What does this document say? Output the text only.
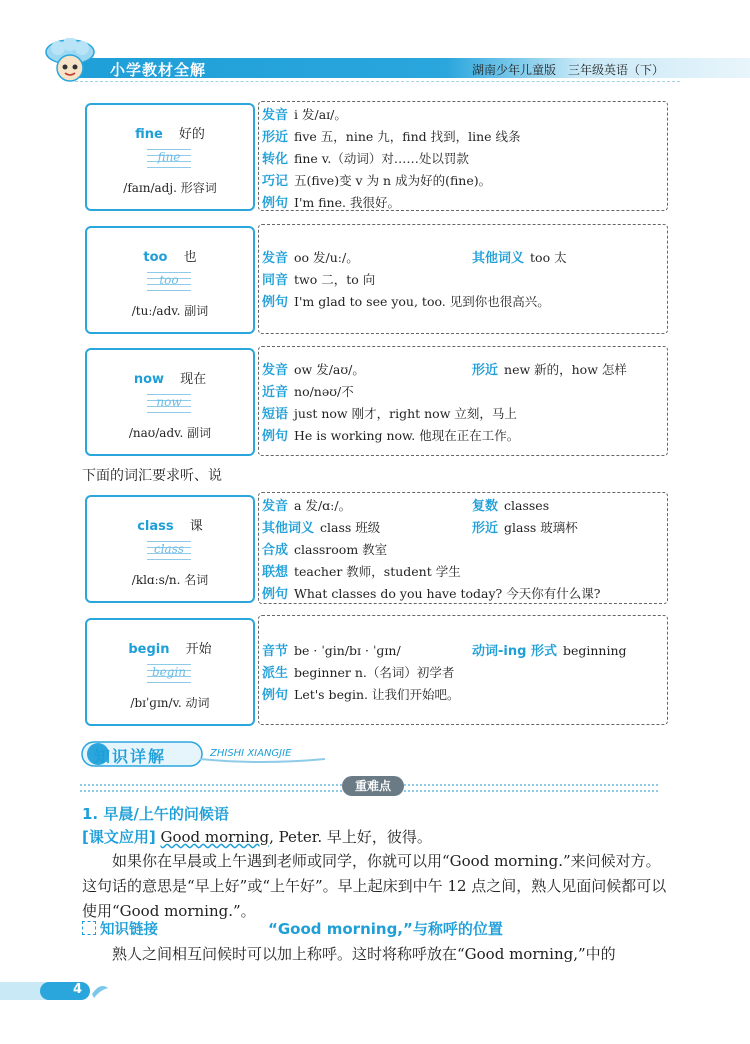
小学教材全解	湖南少年儿童版　三年级英语（下）
fine 好的
fine
/faɪn/adj. 形容词
发音 i 发/aɪ/。
形近 five 五，nine 九，find 找到，line 线条
转化 fine v.（动词）对……处以罚款
巧记 五(five)变 v 为 n 成为好的(fine)。
例句 I'm fine. 我很好。
too 也
too
/tuː/adv. 副词
发音 oo 发/uː/。	其他词义 too 太
同音 two 二，to 向
例句 I'm glad to see you, too. 见到你也很高兴。
now 现在
now
/naʊ/adv. 副词
发音 ow 发/aʊ/。	形近 new 新的，how 怎样
近音 no/nəʊ/不
短语 just now 刚才，right now 立刻，马上
例句 He is working now. 他现在正在工作。
下面的词汇要求听、说
class 课
class
/klɑːs/n. 名词
发音 a 发/ɑː/。	复数 classes
其他词义 class 班级	形近 glass 玻璃杯
合成 classroom 教室
联想 teacher 教师，student 学生
例句 What classes do you have today? 今天你有什么课?
begin 开始
begin
/bɪˈɡɪn/v. 动词
音节 be · ˈgin/bɪ · ˈɡɪn/	动词-ing 形式 beginning
派生 beginner n.（名词）初学者
例句 Let's begin. 让我们开始吧。
知识详解	ZHISHI XIANGJIE
重难点
1. 早晨/上午的问候语
[课文应用] Good morning, Peter. 早上好，彼得。
如果你在早晨或上午遇到老师或同学，你就可以用“Good morning.”来问候对方。这句话的意思是“早上好”或“上午好”。早上起床到中午 12 点之间，熟人见面问候都可以使用“Good morning.”。
知识链接	“Good morning,”与称呼的位置
熟人之间相互问候时可以加上称呼。这时将称呼放在“Good morning,”中的
4
